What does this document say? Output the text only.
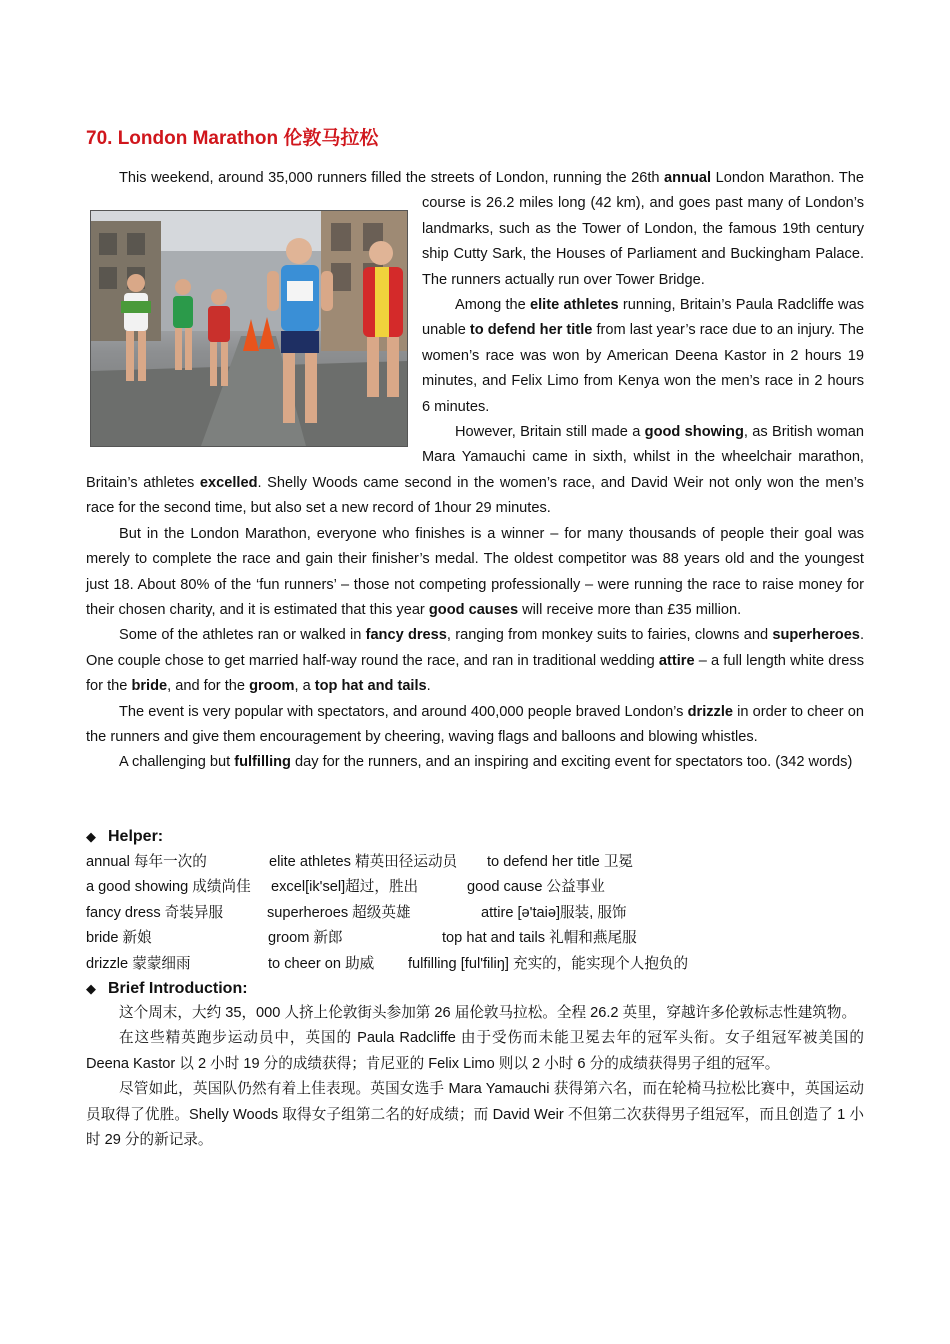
70. London Marathon 伦敦马拉松

This weekend, around 35,000 runners filled the streets of London, running the 26th annual
London Marathon. The course is 26.2 miles long (42 km), and goes past many of London’s landmarks, such as the Tower of London, the famous 19th century ship Cutty Sark, the Houses of Parliament and Buckingham Palace. The runners actually run over Tower Bridge.

Among the elite athletes running, Britain’s Paula Radcliffe was unable to defend her title from last year’s race due to an injury. The women’s race was won by American Deena Kastor in 2 hours 19 minutes, and Felix Limo from Kenya won the men’s race in 2 hours 6 minutes.

However, Britain still made a good showing, as British woman Mara Yamauchi came in sixth, whilst in the wheelchair marathon, Britain’s athletes excelled. Shelly Woods came second in the women’s race, and David Weir not only won the men’s race for the second time, but also set a new record of 1hour 29 minutes.

But in the London Marathon, everyone who finishes is a winner – for many thousands of people their goal was merely to complete the race and gain their finisher’s medal. The oldest competitor was 88 years old and the youngest just 18. About 80% of the ‘fun runners’ – those not competing professionally – were running the race to raise money for their chosen charity, and it is estimated that this year good causes will receive more than £35 million.

Some of the athletes ran or walked in fancy dress, ranging from monkey suits to fairies, clowns and superheroes. One couple chose to get married half-way round the race, and ran in traditional wedding attire – a full length white dress for the bride, and for the groom, a top hat and tails.

The event is very popular with spectators, and around 400,000 people braved London’s drizzle in order to cheer on the runners and give them encouragement by cheering, waving flags and balloons and blowing whistles.

A challenging but fulfilling day for the runners, and an inspiring and exciting event for spectators too. (342 words)

◆ Helper:
annual 每年一次的	elite athletes 精英田径运动员 to defend her title 卫冕
a good showing 成绩尚佳 excel[ik'sel]超过，胜出	good cause 公益事业
fancy dress 奇装异服	superheroes 超级英雄	attire [ə'taiə]服装, 服饰
bride 新娘	groom 新郎	top hat and tails 礼帽和燕尾服
drizzle 蒙蒙细雨	to cheer on 助威 fulfilling [ful'filiŋ] 充实的，能实现个人抱负的
◆ Brief Introduction:

这个周末，大约 35，000 人挤上伦敦街头参加第 26 届伦敦马拉松。全程 26.2 英里，穿越许多伦敦标志性建筑物。

在这些精英跑步运动员中，英国的 Paula Radcliffe 由于受伤而未能卫冕去年的冠军头衔。女子组冠军被美国的 Deena Kastor 以 2 小时 19 分的成绩获得；肯尼亚的 Felix Limo 则以 2 小时 6 分的成绩获得男子组的冠军。

尽管如此，英国队仍然有着上佳表现。英国女选手 Mara Yamauchi 获得第六名，而在轮椅马拉松比赛中，英国运动员取得了优胜。Shelly Woods 取得女子组第二名的好成绩；而 David Weir 不但第二次获得男子组冠军，而且创造了 1 小时 29 分的新记录。
